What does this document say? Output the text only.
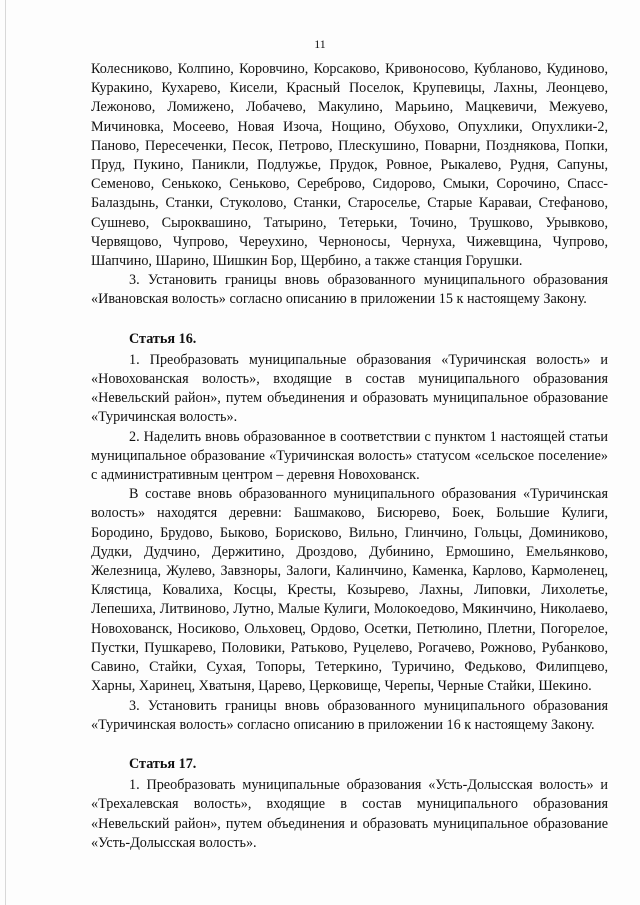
11

Колесниково, Колпино, Коровчино, Корсаково, Кривоносово, Кубланово, Кудиново, Куракино, Кухарево, Кисели, Красный Поселок, Крупевицы, Лахны, Леонцево, Лежоново, Ломижено, Лобачево, Макулино, Марьино, Мацкевичи, Межуево, Мичиновка, Мосеево, Новая Изоча, Нощино, Обухово, Опухлики, Опухлики-2, Паново, Пересеченки, Песок, Петрово, Плескушино, Поварни, Позднякова, Попки, Пруд, Пукино, Паникли, Подлужье, Прудок, Ровное, Рыкалево, Рудня, Сапуны, Семеново, Сенькоко, Сеньково, Сереброво, Сидорово, Смыки, Сорочино, Спасс-Балаздынь, Станки, Стуколово, Станки, Староселье, Старые Караваи, Стефаново, Сушнево, Сыроквашино, Татырино, Тетерьки, Точино, Трушково, Урывково, Червящово, Чупрово, Череухино, Черноносы, Чернуха, Чижевщина, Чупрово, Шапчино, Шарино, Шишкин Бор, Щербино, а также станция Горушки.

3. Установить границы вновь образованного муниципального образования «Ивановская волость» согласно описанию в приложении 15 к настоящему Закону.

Статья 16.

1. Преобразовать муниципальные образования «Туричинская волость» и «Новохованская волость», входящие в состав муниципального образования «Невельский район», путем объединения и образовать муниципальное образование «Туричинская волость».

2. Наделить вновь образованное в соответствии с пунктом 1 настоящей статьи муниципальное образование «Туричинская волость» статусом «сельское поселение» с административным центром – деревня Новохованск.

В составе вновь образованного муниципального образования «Туричинская волость» находятся деревни: Башмаково, Бисюрево, Боек, Большие Кулиги, Бородино, Брудово, Быково, Борисково, Вильно, Глинчино, Гольцы, Доминиково, Дудки, Дудчино, Держитино, Дроздово, Дубинино, Ермошино, Емельянково, Железница, Жулево, Завзноры, Залоги, Калинчино, Каменка, Карлово, Кармоленец, Клястица, Ковалиха, Косцы, Кресты, Козырево, Лахны, Липовки, Лихолетье, Лепешиха, Литвиново, Лутно, Малые Кулиги, Молокоедово, Мякинчино, Николаево, Новохованск, Носиково, Ольховец, Ордово, Осетки, Петюлино, Плетни, Погорелое, Пустки, Пушкарево, Половики, Ратьково, Руцелево, Рогачево, Рожново, Рубанково, Савино, Стайки, Сухая, Топоры, Тетеркино, Туричино, Федьково, Филипцево, Харны, Харинец, Хватыня, Царево, Церковище, Черепы, Черные Стайки, Шекино.

3. Установить границы вновь образованного муниципального образования «Туричинская волость» согласно описанию в приложении 16 к настоящему Закону.

Статья 17.

1. Преобразовать муниципальные образования «Усть-Долысская волость» и «Трехалевская волость», входящие в состав муниципального образования «Невельский район», путем объединения и образовать муниципальное образование «Усть-Долысская волость».
